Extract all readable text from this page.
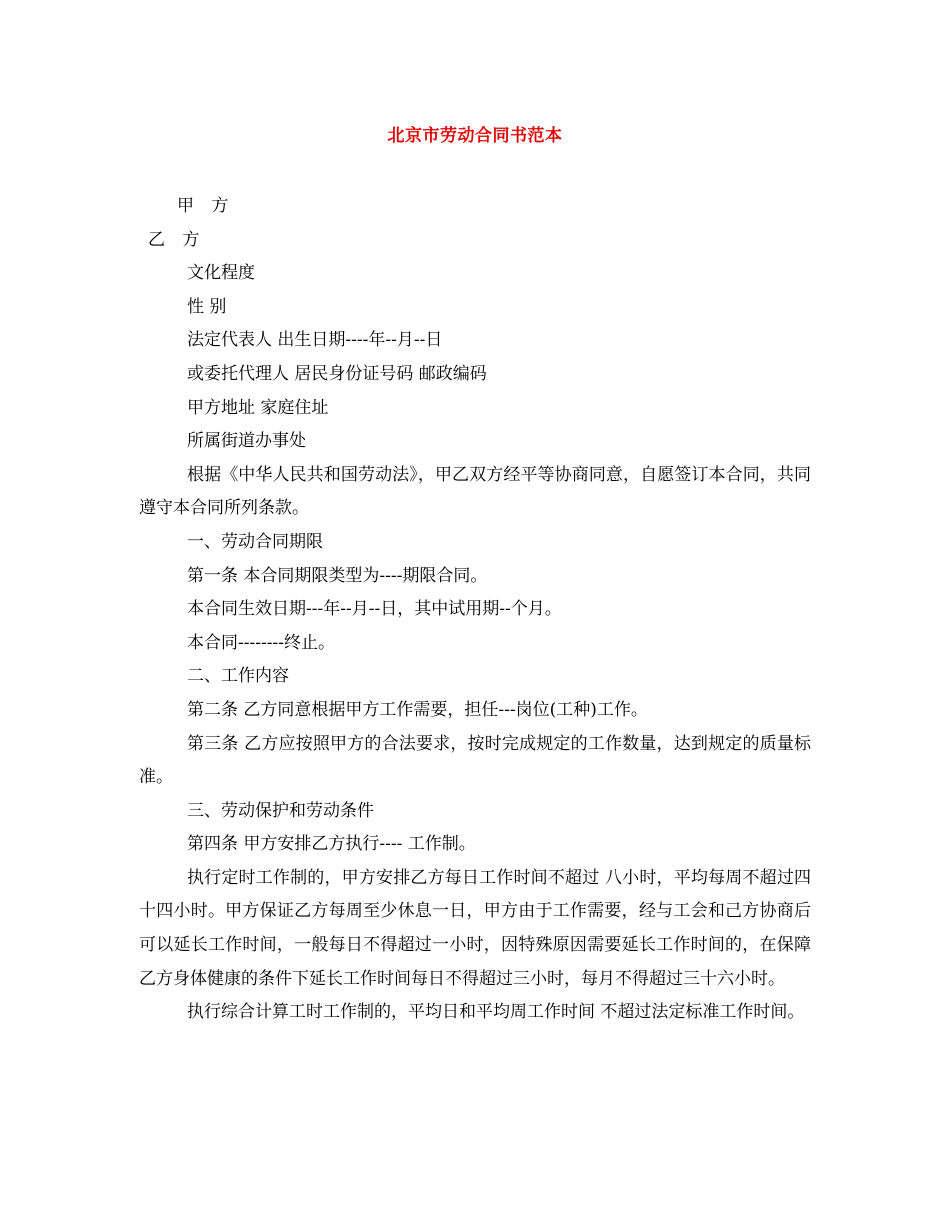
北京市劳动合同书范本
甲 方
乙 方
文化程度
性 别
法定代表人 出生日期----年--月--日
或委托代理人 居民身份证号码 邮政编码
甲方地址 家庭住址
所属街道办事处
根据《中华人民共和国劳动法》，甲乙双方经平等协商同意，自愿签订本合同，共同遵守本合同所列条款。
一、劳动合同期限
第一条 本合同期限类型为----期限合同。
本合同生效日期---年--月--日，其中试用期--个月。
本合同--------终止。
二、工作内容
第二条 乙方同意根据甲方工作需要，担任---岗位(工种)工作。
第三条 乙方应按照甲方的合法要求，按时完成规定的工作数量，达到规定的质量标准。
三、劳动保护和劳动条件
第四条 甲方安排乙方执行---- 工作制。
执行定时工作制的，甲方安排乙方每日工作时间不超过 八小时，平均每周不超过四十四小时。甲方保证乙方每周至少休息一日，甲方由于工作需要，经与工会和己方协商后可以延长工作时间，一般每日不得超过一小时，因特殊原因需要延长工作时间的，在保障乙方身体健康的条件下延长工作时间每日不得超过三小时，每月不得超过三十六小时。
执行综合计算工时工作制的，平均日和平均周工作时间 不超过法定标准工作时间。
